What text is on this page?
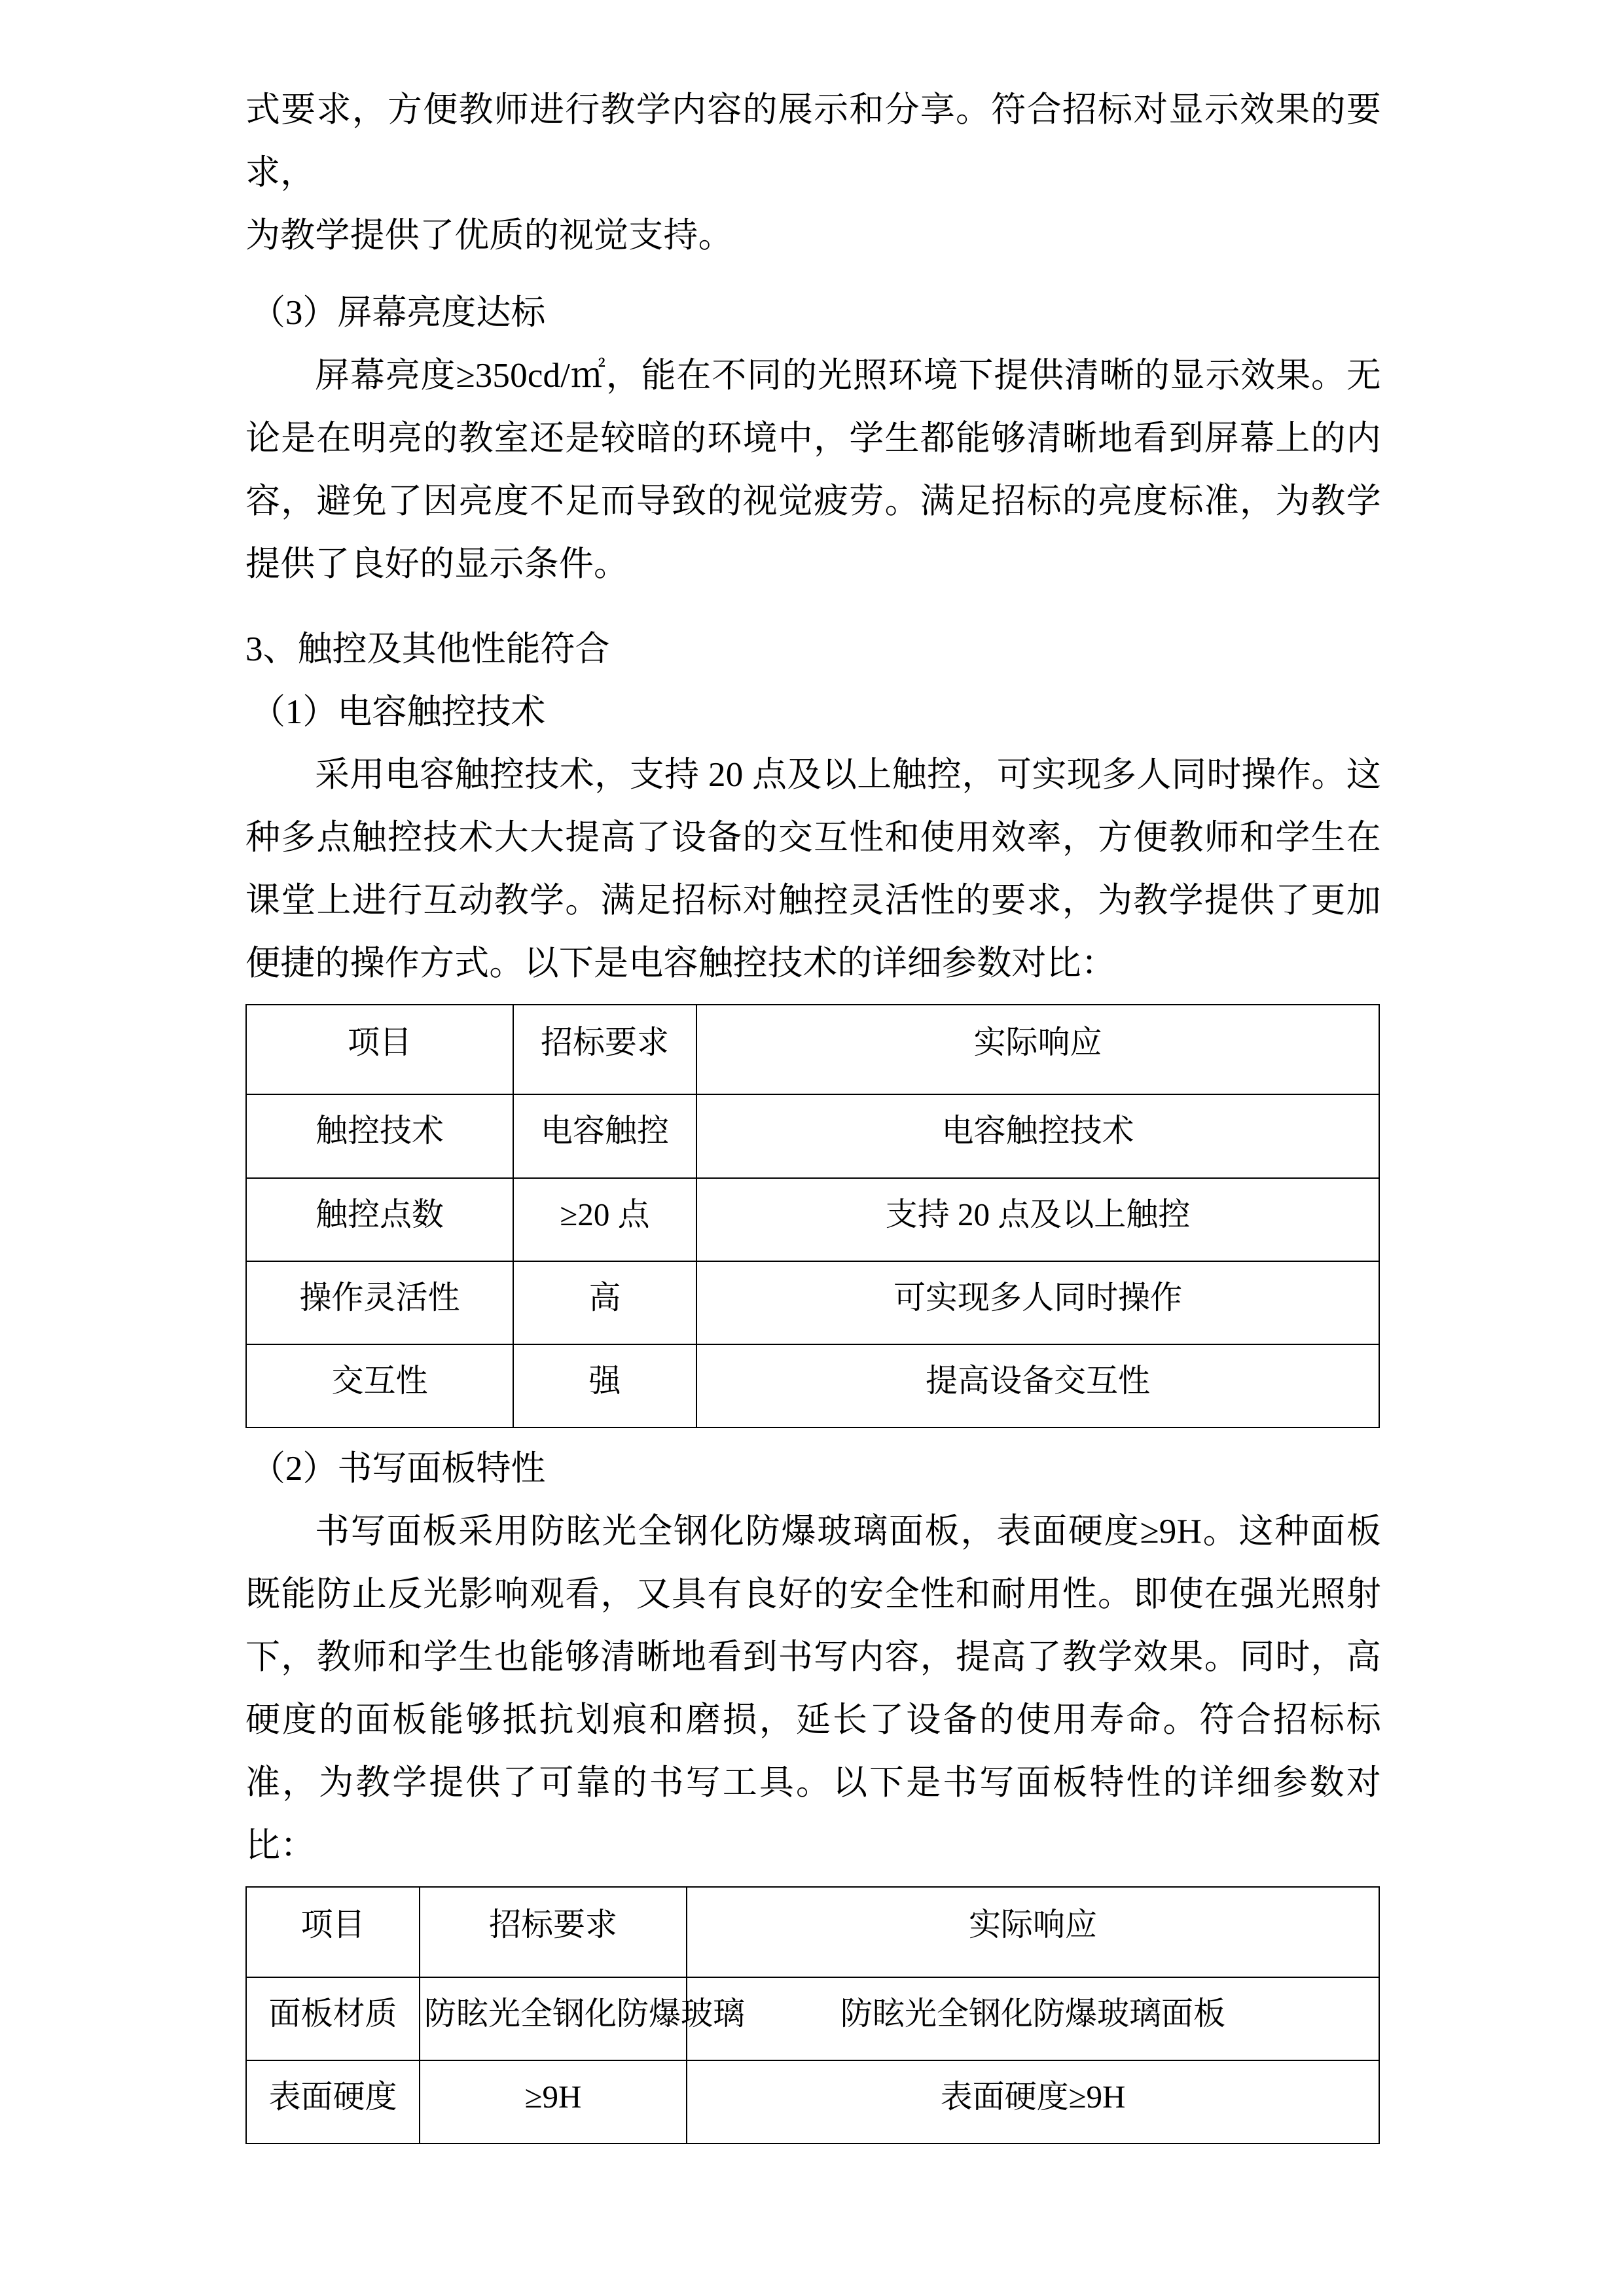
式要求，方便教师进行教学内容的展示和分享。符合招标对显示效果的要求，

为教学提供了优质的视觉支持。

（3）屏幕亮度达标

屏幕亮度≥350cd/㎡，能在不同的光照环境下提供清晰的显示效果。无论是在明亮的教室还是较暗的环境中，学生都能够清晰地看到屏幕上的内容，避免了因亮度不足而导致的视觉疲劳。满足招标的亮度标准，为教学提供了良好的显示条件。

3、触控及其他性能符合

（1）电容触控技术

采用电容触控技术，支持 20 点及以上触控，可实现多人同时操作。这种多点触控技术大大提高了设备的交互性和使用效率，方便教师和学生在课堂上进行互动教学。满足招标对触控灵活性的要求，为教学提供了更加便捷的操作方式。以下是电容触控技术的详细参数对比：

项目	招标要求	实际响应
触控技术	电容触控	电容触控技术
触控点数	≥20 点	支持 20 点及以上触控
操作灵活性	高	可实现多人同时操作
交互性	强	提高设备交互性

（2）书写面板特性

书写面板采用防眩光全钢化防爆玻璃面板，表面硬度≥9H。这种面板既能防止反光影响观看，又具有良好的安全性和耐用性。即使在强光照射下，教师和学生也能够清晰地看到书写内容，提高了教学效果。同时，高硬度的面板能够抵抗划痕和磨损，延长了设备的使用寿命。符合招标标准，为教学提供了可靠的书写工具。以下是书写面板特性的详细参数对比：

项目	招标要求	实际响应
面板材质	防眩光全钢化防爆玻璃	防眩光全钢化防爆玻璃面板
表面硬度	≥9H	表面硬度≥9H
